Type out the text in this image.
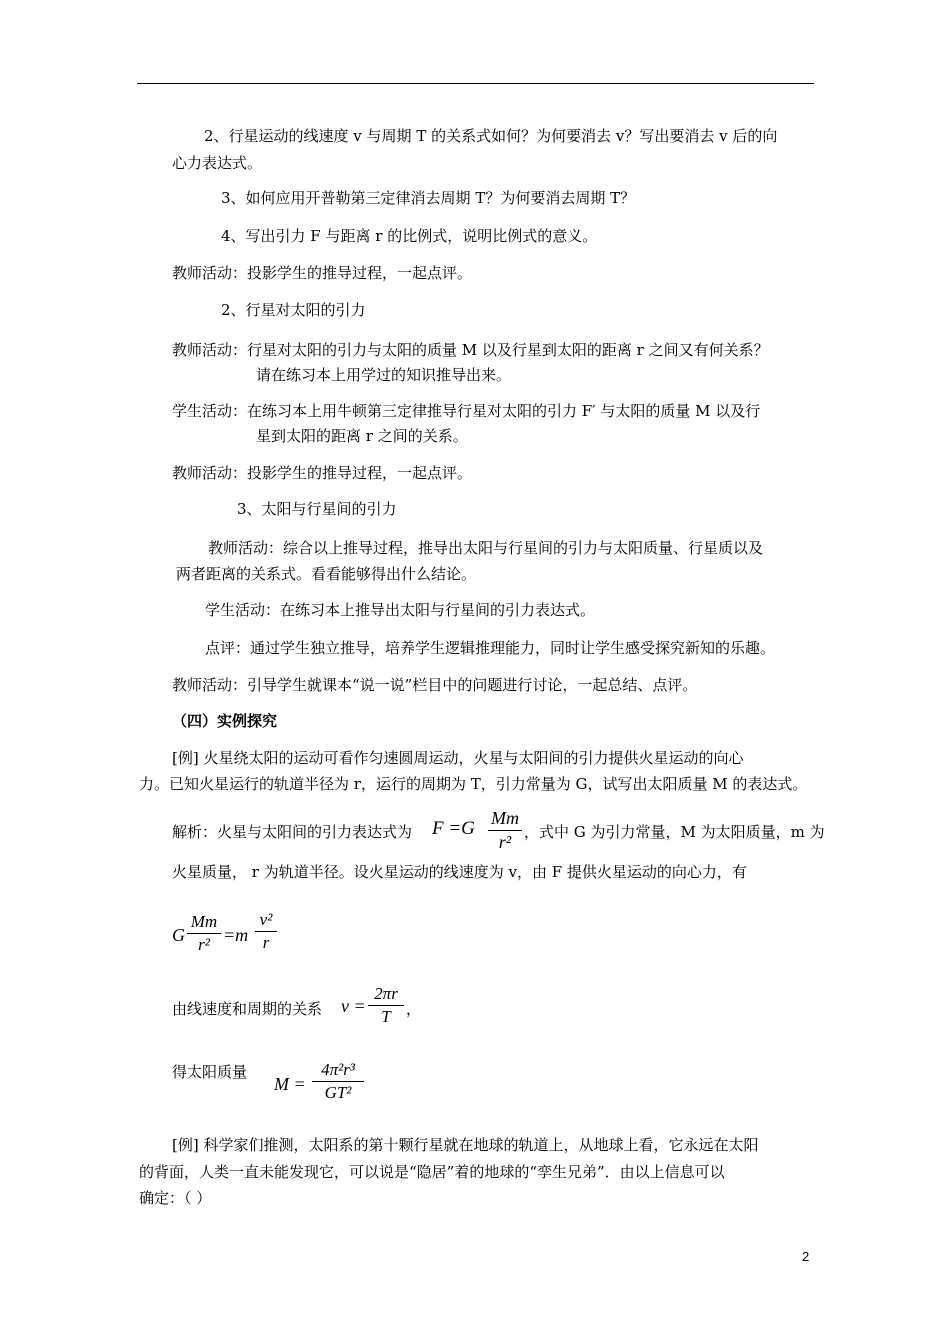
2、行星运动的线速度 v 与周期 T 的关系式如何？为何要消去 v？写出要消去 v 后的向
心力表达式。
3、如何应用开普勒第三定律消去周期 T？为何要消去周期 T？
4、写出引力 F 与距离 r 的比例式，说明比例式的意义。
教师活动：投影学生的推导过程，一起点评。
2、行星对太阳的引力
教师活动：行星对太阳的引力与太阳的质量 M 以及行星到太阳的距离 r 之间又有何关系？
请在练习本上用学过的知识推导出来。
学生活动：在练习本上用牛顿第三定律推导行星对太阳的引力 F′ 与太阳的质量 M 以及行
星到太阳的距离 r 之间的关系。
教师活动：投影学生的推导过程，一起点评。
3、太阳与行星间的引力
教师活动：综合以上推导过程，推导出太阳与行星间的引力与太阳质量、行星质以及
两者距离的关系式。看看能够得出什么结论。
学生活动：在练习本上推导出太阳与行星间的引力表达式。
点评：通过学生独立推导，培养学生逻辑推理能力，同时让学生感受探究新知的乐趣。
教师活动：引导学生就课本“说一说”栏目中的问题进行讨论，一起总结、点评。
（四）实例探究
[例] 火星绕太阳的运动可看作匀速圆周运动，火星与太阳间的引力提供火星运动的向心
力。已知火星运行的轨道半径为 r，运行的周期为 T，引力常量为 G，试写出太阳质量 M 的表达式。
解析：火星与太阳间的引力表达式为 F =G Mm
r² ，式中 G 为引力常量，M 为太阳质量，m 为
火星质量， r 为轨道半径。设火星运动的线速度为 v，由 F 提供火星运动的向心力，有
G
Mm
r² =m
v²
r
由线速度和周期的关系 v =
2πr
T	，
得太阳质量
M =
4π²r³
GT²
[例] 科学家们推测，太阳系的第十颗行星就在地球的轨道上，从地球上看，它永远在太阳
的背面，人类一直未能发现它，可以说是“隐居”着的地球的“孪生兄弟”．由以上信息可以
确定：（ ）
2
